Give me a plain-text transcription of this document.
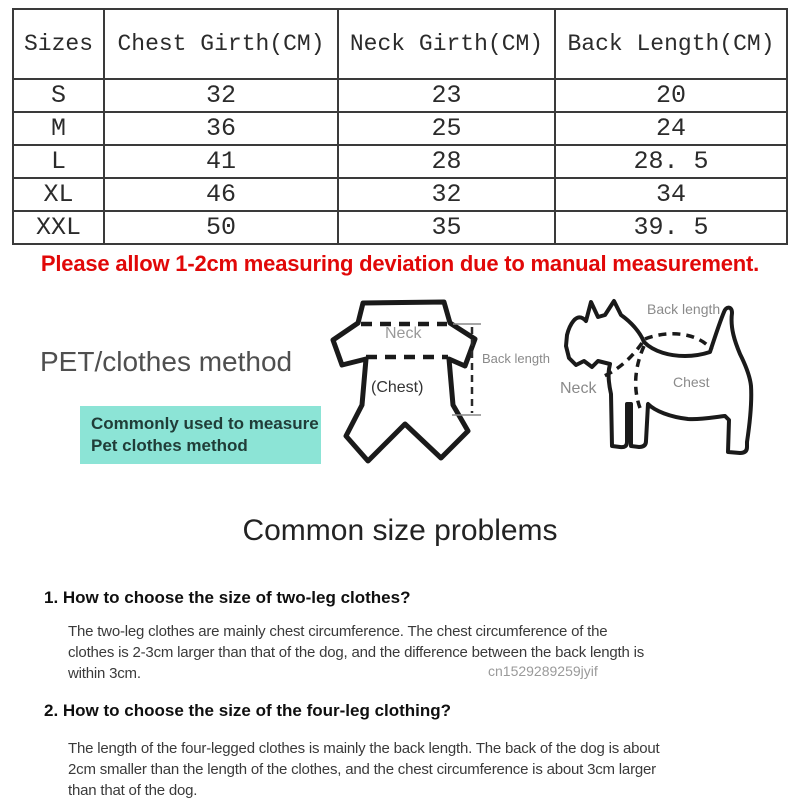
Sizes	Chest Girth(CM)	Neck Girth(CM)	Back Length(CM)
S	32	23	20
M	36	25	24
L	41	28	28. 5
XL	46	32	34
XXL	50	35	39. 5
Please allow 1-2cm measuring deviation due to manual measurement.
PET/clothes method
Commonly used to measure
Pet clothes method
Neck
(Chest)
Back length
Back length
Neck	Chest
Common size problems
1. How to choose the size of two-leg clothes?
The two-leg clothes are mainly chest circumference. The chest circumference of the
clothes is 2-3cm larger than that of the dog, and the difference between the back length is
within 3cm.	cn1529289259jyif
2. How to choose the size of the four-leg clothing?
The length of the four-legged clothes is mainly the back length. The back of the dog is about
2cm smaller than the length of the clothes, and the chest circumference is about 3cm larger
than that of the dog.
